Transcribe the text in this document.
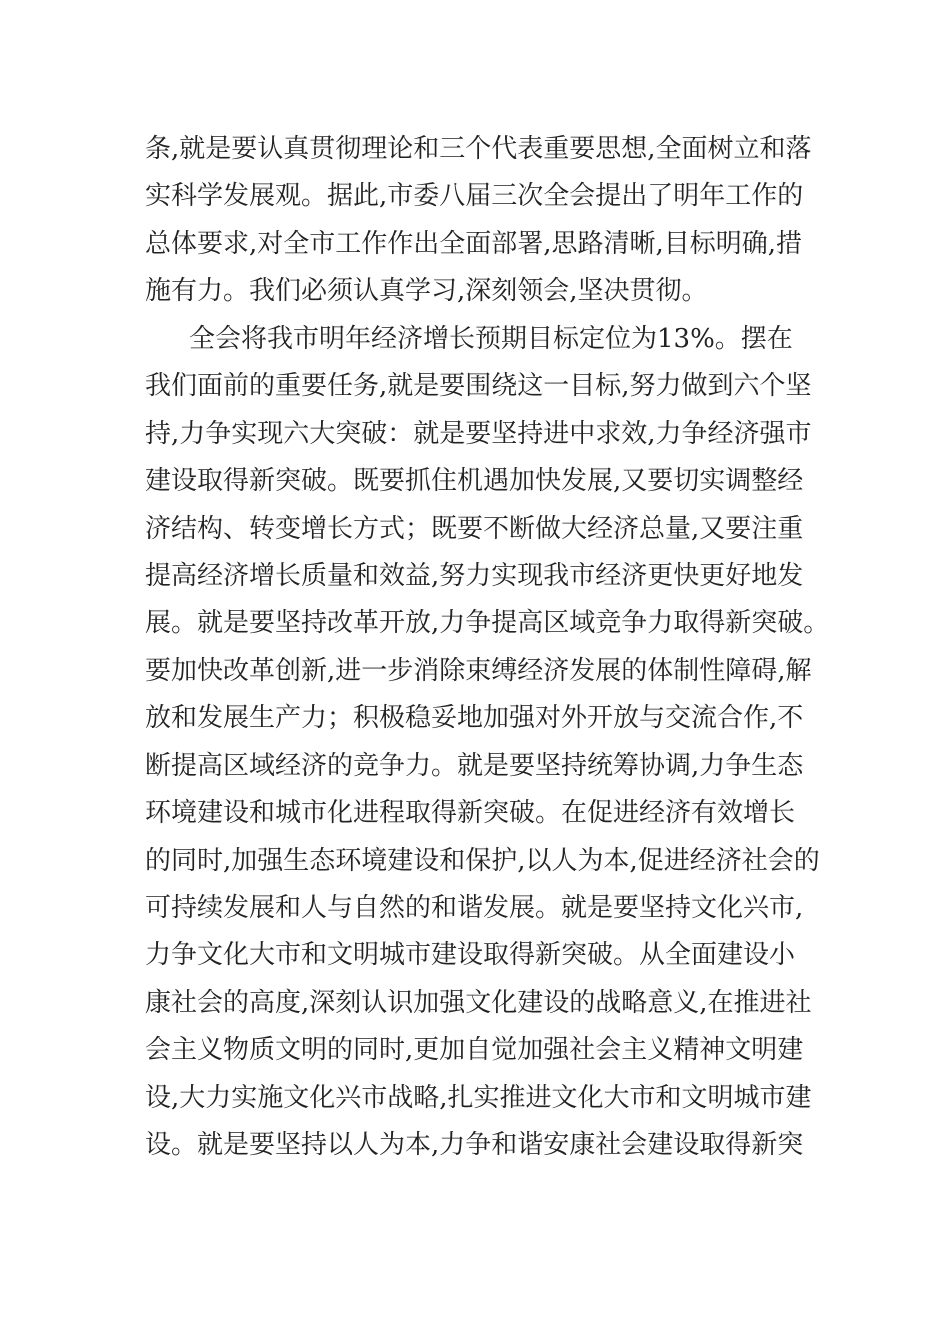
条,就是要认真贯彻理论和三个代表重要思想,全面树立和落
实科学发展观。据此,市委八届三次全会提出了明年工作的
总体要求,对全市工作作出全面部署,思路清晰,目标明确,措
施有力。我们必须认真学习,深刻领会,坚决贯彻。
全会将我市明年经济增长预期目标定位为13%。摆在
我们面前的重要任务,就是要围绕这一目标,努力做到六个坚
持,力争实现六大突破：就是要坚持进中求效,力争经济强市
建设取得新突破。既要抓住机遇加快发展,又要切实调整经
济结构、转变增长方式；既要不断做大经济总量,又要注重
提高经济增长质量和效益,努力实现我市经济更快更好地发
展。就是要坚持改革开放,力争提高区域竞争力取得新突破。
要加快改革创新,进一步消除束缚经济发展的体制性障碍,解
放和发展生产力；积极稳妥地加强对外开放与交流合作,不
断提高区域经济的竞争力。就是要坚持统筹协调,力争生态
环境建设和城市化进程取得新突破。在促进经济有效增长
的同时,加强生态环境建设和保护,以人为本,促进经济社会的
可持续发展和人与自然的和谐发展。就是要坚持文化兴市,
力争文化大市和文明城市建设取得新突破。从全面建设小
康社会的高度,深刻认识加强文化建设的战略意义,在推进社
会主义物质文明的同时,更加自觉加强社会主义精神文明建
设,大力实施文化兴市战略,扎实推进文化大市和文明城市建
设。就是要坚持以人为本,力争和谐安康社会建设取得新突
